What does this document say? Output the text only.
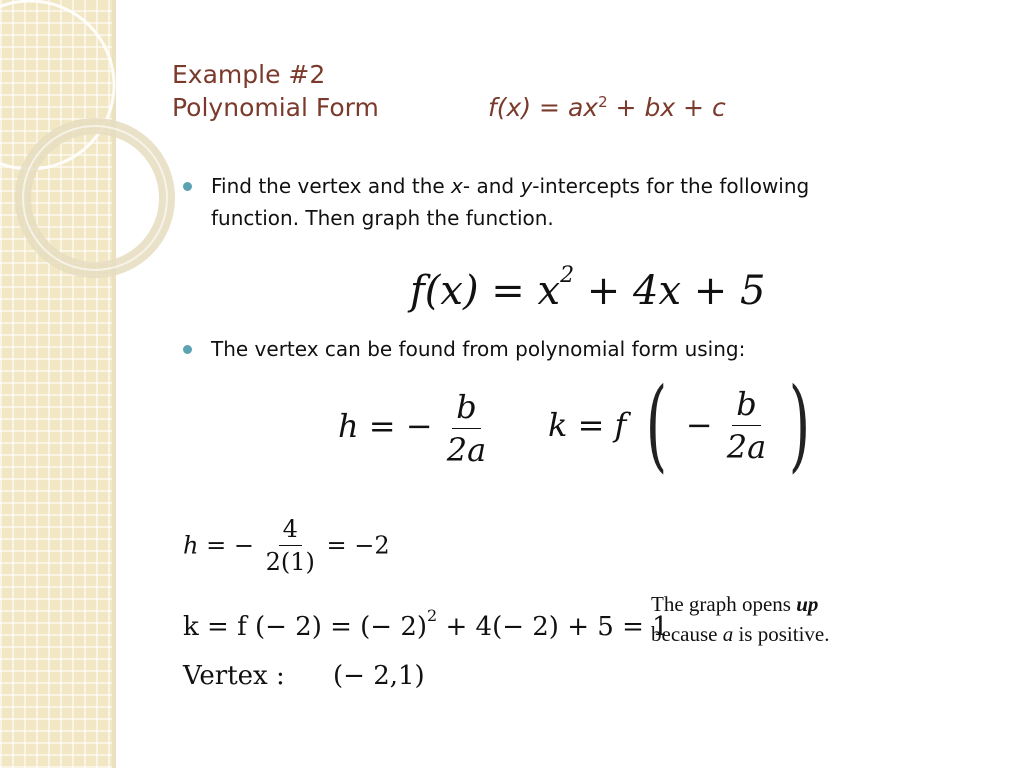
Example #2
Polynomial Form	$f(x) = ax^2$ + bx + c
Find the vertex and the x- and y-intercepts for the following
function. Then graph the function.
$f(x) = x^2 + 4x + 5$
The vertex can be found from polynomial form using:
h = − $\frac{b}{2a}$ k = f ( − $\frac{b}{2a}$ )
h = − $\frac{4}{2(1)} = -2$
k = f (− 2) = (− 2)$^2$ + 4(− 2) + 5 = 1
Vertex : (− 2,1)
The graph opens up
because a is positive.
